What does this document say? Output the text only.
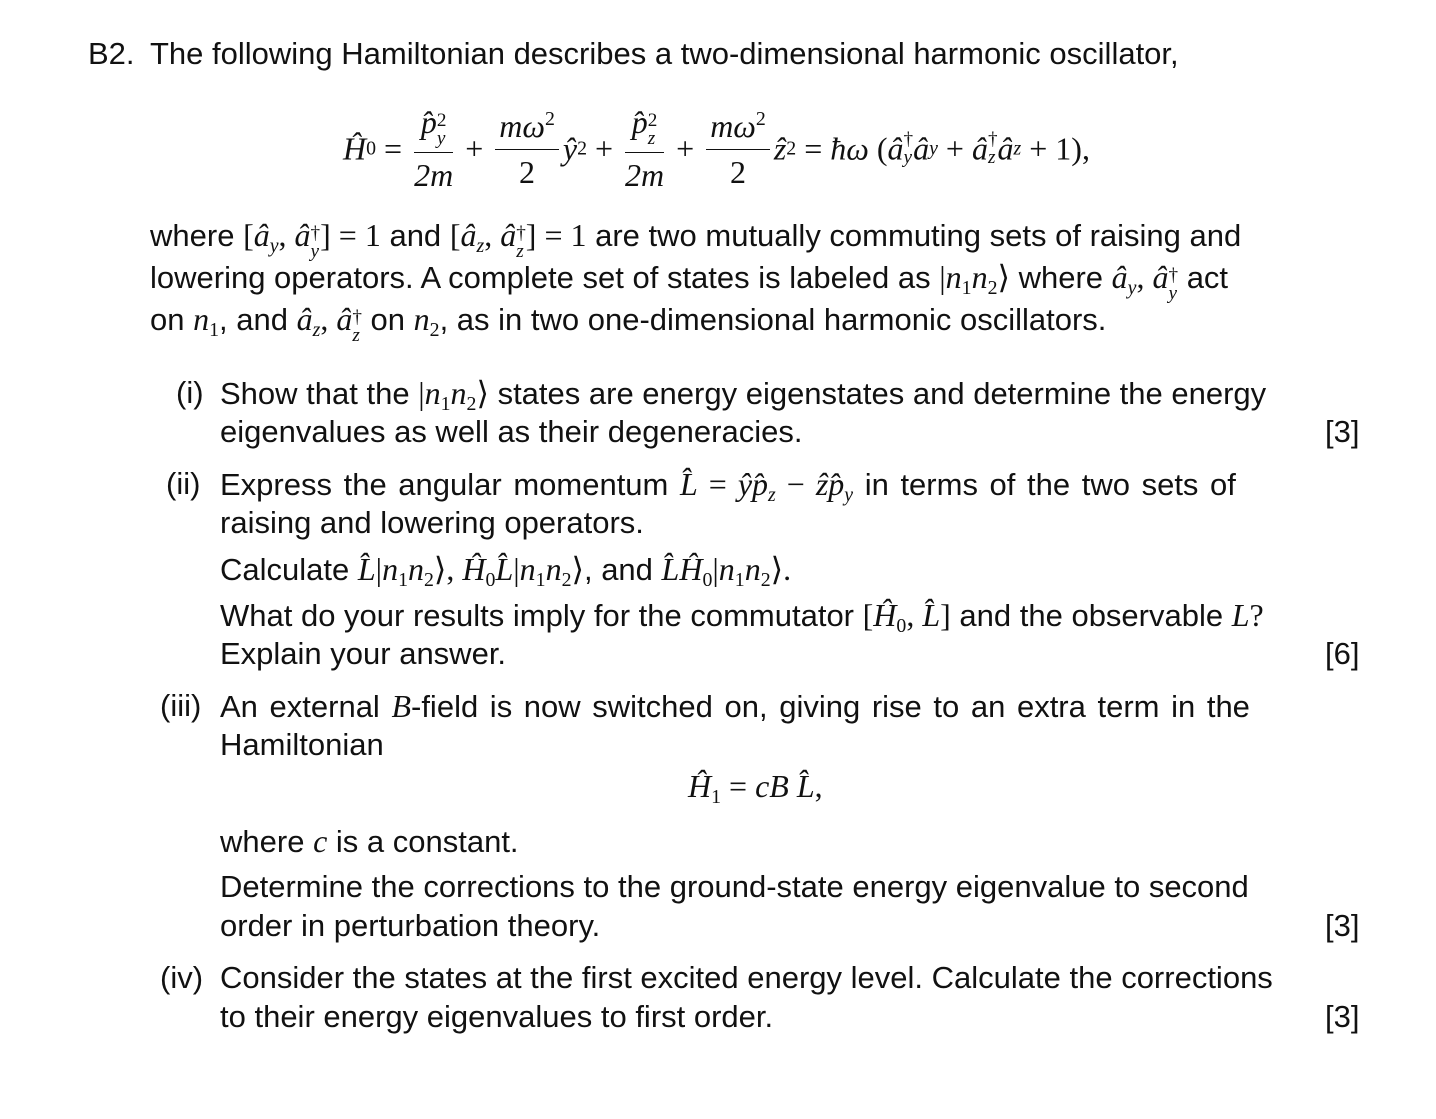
B2. The following Hamiltonian describes a two-dimensional harmonic oscillator,
Ĥ0 = p̂ 2
y
$2m + \frac{m\omega^2}{2}$ ŷ2 + p̂ 2
z
$2m + \frac{m\omega^2}{2}$ ẑ2 = ħω (â †
y ây + â †
z âz + 1),
where [$â_y$, â †
y ] = 1 and [$â_z$, â †
z ] = 1 are two mutually commuting sets of raising and
lowering operators. A complete set of states is labeled as $|n_1n_2⟩$ where $â_y$, â †
y act
on $n_1$, and $â_z$, â †
z on $n_2$, as in two one-dimensional harmonic oscillators.
(i) Show that the $|n_1n_2⟩$ states are energy eigenstates and determine the energy
eigenvalues as well as their degeneracies.	[3]
(ii) Express the angular momentum L̂ = $ŷp̂_z$ − $ẑp̂_y$ in terms of the two sets of
raising and lowering operators.
Calculate $L̂|n_1n_2⟩$, $Ĥ_0L̂|n_1n_2⟩$, and $L̂Ĥ_0|n_1n_2⟩$.
What do your results imply for the commutator [$Ĥ_0$, L̂] and the observable L?
Explain your answer.	[6]
(iii) An external B-field is now switched on, giving rise to an extra term in the
Hamiltonian
$Ĥ_1$ = cB L̂,
where c is a constant.
Determine the corrections to the ground-state energy eigenvalue to second
order in perturbation theory.	[3]
(iv) Consider the states at the first excited energy level. Calculate the corrections
to their energy eigenvalues to first order.	[3]
